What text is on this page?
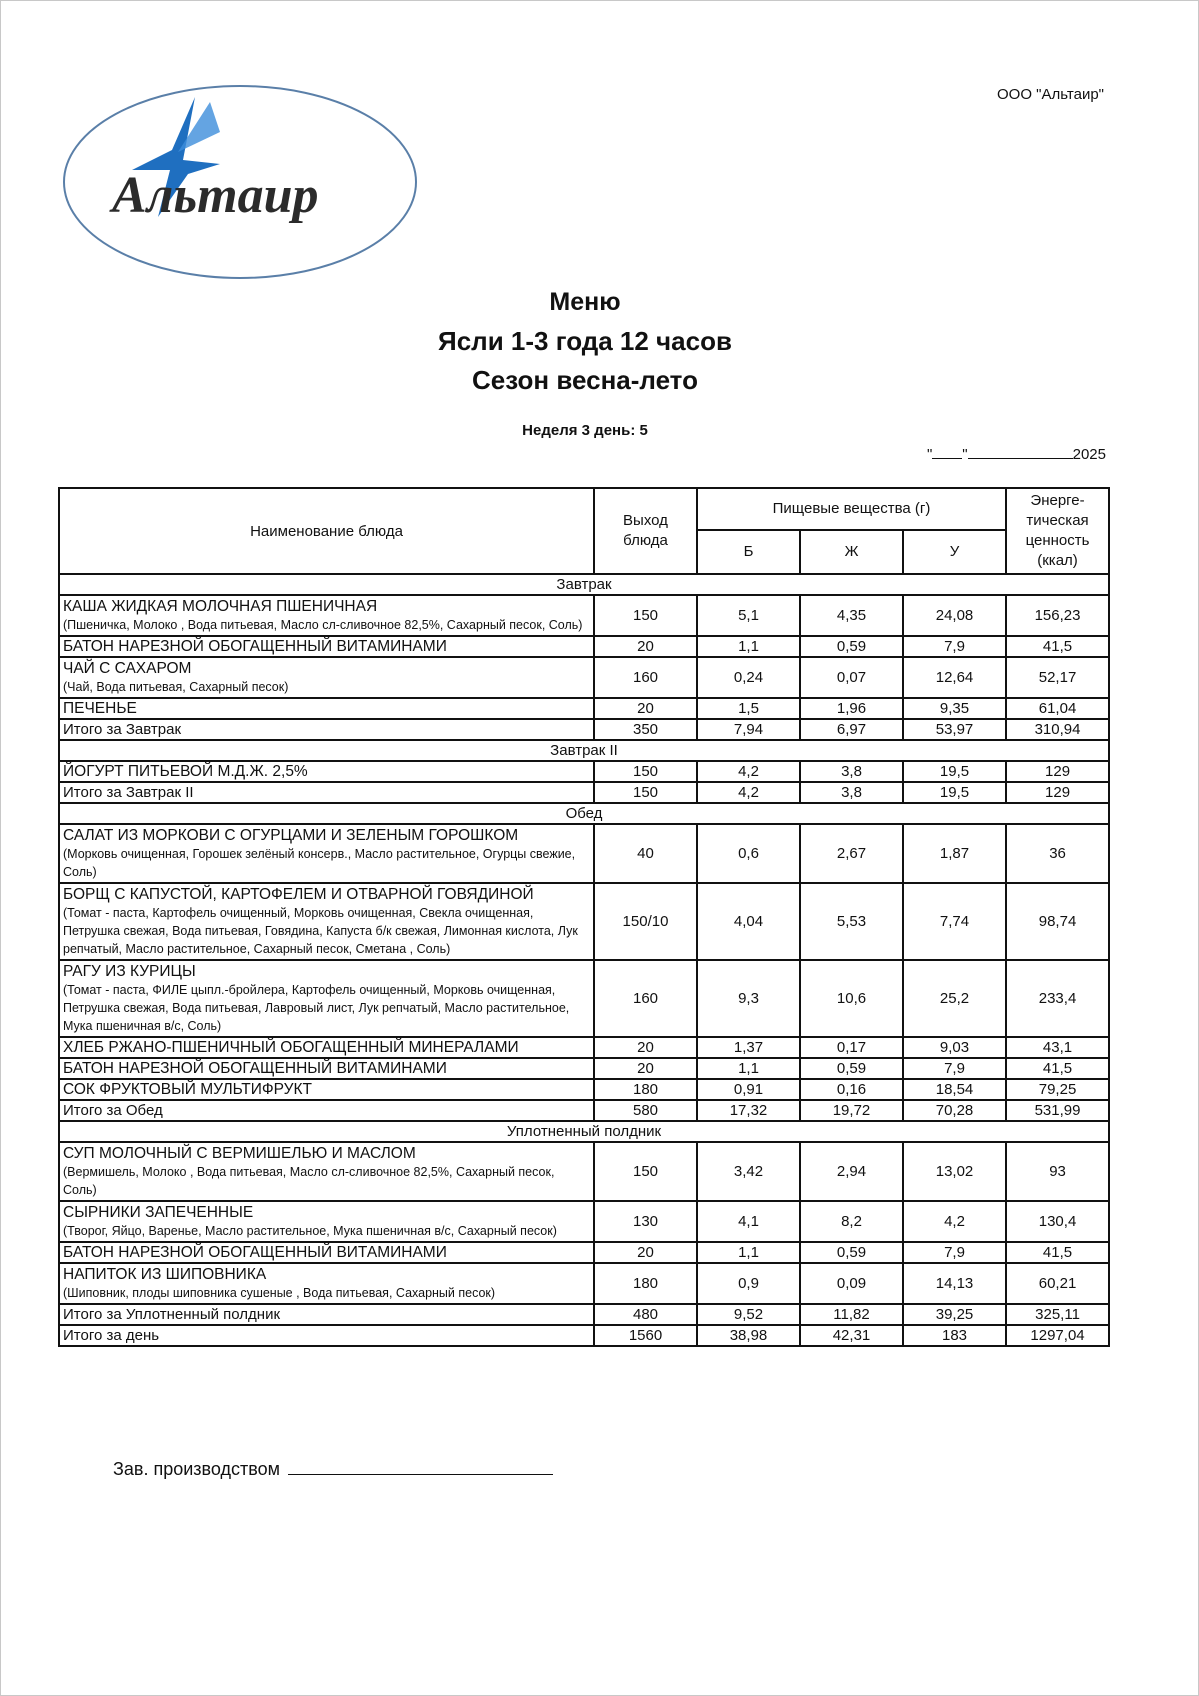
Альтаир
ООО "Альтаир"
Меню
Ясли 1-3 года 12 часов
Сезон весна-лето
Неделя 3 день: 5
" "	2025
Наименование блюда	Выход блюда	Пищевые вещества (г)			Энерге-тическая ценность (ккал)
		Б	Ж	У	
Завтрак					
КАША ЖИДКАЯ МОЛОЧНАЯ ПШЕНИЧНАЯ
(Пшеничка, Молоко , Вода питьевая, Масло сл-сливочное 82,5%, Сахарный песок, Соль)	150	5,1	4,35	24,08	156,23
БАТОН НАРЕЗНОЙ ОБОГАЩЕННЫЙ ВИТАМИНАМИ	20	1,1	0,59	7,9	41,5
ЧАЙ С САХАРОМ
(Чай, Вода питьевая, Сахарный песок)	160	0,24	0,07	12,64	52,17
ПЕЧЕНЬЕ	20	1,5	1,96	9,35	61,04
Итого за Завтрак	350	7,94	6,97	53,97	310,94
Завтрак II					
ЙОГУРТ ПИТЬЕВОЙ М.Д.Ж. 2,5%	150	4,2	3,8	19,5	129
Итого за Завтрак II	150	4,2	3,8	19,5	129
Обед					
САЛАТ ИЗ МОРКОВИ С ОГУРЦАМИ И ЗЕЛЕНЫМ ГОРОШКОМ
(Морковь очищенная, Горошек зелёный консерв., Масло растительное, Огурцы свежие, Соль)	40	0,6	2,67	1,87	36
БОРЩ С КАПУСТОЙ, КАРТОФЕЛЕМ И ОТВАРНОЙ ГОВЯДИНОЙ
(Томат - паста, Картофель очищенный, Морковь очищенная, Свекла очищенная, Петрушка свежая, Вода питьевая, Говядина, Капуста б/к свежая, Лимонная кислота, Лук репчатый, Масло растительное, Сахарный песок, Сметана , Соль)	150/10	4,04	5,53	7,74	98,74
РАГУ ИЗ КУРИЦЫ
(Томат - паста, ФИЛЕ цыпл.-бройлера, Картофель очищенный, Морковь очищенная, Петрушка свежая, Вода питьевая, Лавровый лист, Лук репчатый, Масло растительное, Мука пшеничная в/с, Соль)	160	9,3	10,6	25,2	233,4
ХЛЕБ РЖАНО-ПШЕНИЧНЫЙ ОБОГАЩЕННЫЙ МИНЕРАЛАМИ	20	1,37	0,17	9,03	43,1
БАТОН НАРЕЗНОЙ ОБОГАЩЕННЫЙ ВИТАМИНАМИ	20	1,1	0,59	7,9	41,5
СОК ФРУКТОВЫЙ МУЛЬТИФРУКТ	180	0,91	0,16	18,54	79,25
Итого за Обед	580	17,32	19,72	70,28	531,99
Уплотненный полдник					
СУП МОЛОЧНЫЙ С ВЕРМИШЕЛЬЮ И МАСЛОМ
(Вермишель, Молоко , Вода питьевая, Масло сл-сливочное 82,5%, Сахарный песок, Соль)	150	3,42	2,94	13,02	93
СЫРНИКИ ЗАПЕЧЕННЫЕ
(Творог, Яйцо, Варенье, Масло растительное, Мука пшеничная в/с, Сахарный песок)	130	4,1	8,2	4,2	130,4
БАТОН НАРЕЗНОЙ ОБОГАЩЕННЫЙ ВИТАМИНАМИ	20	1,1	0,59	7,9	41,5
НАПИТОК ИЗ ШИПОВНИКА
(Шиповник, плоды шиповника сушеные , Вода питьевая, Сахарный песок)	180	0,9	0,09	14,13	60,21
Итого за Уплотненный полдник	480	9,52	11,82	39,25	325,11
Итого за день	1560	38,98	42,31	183	1297,04
Зав. производством
